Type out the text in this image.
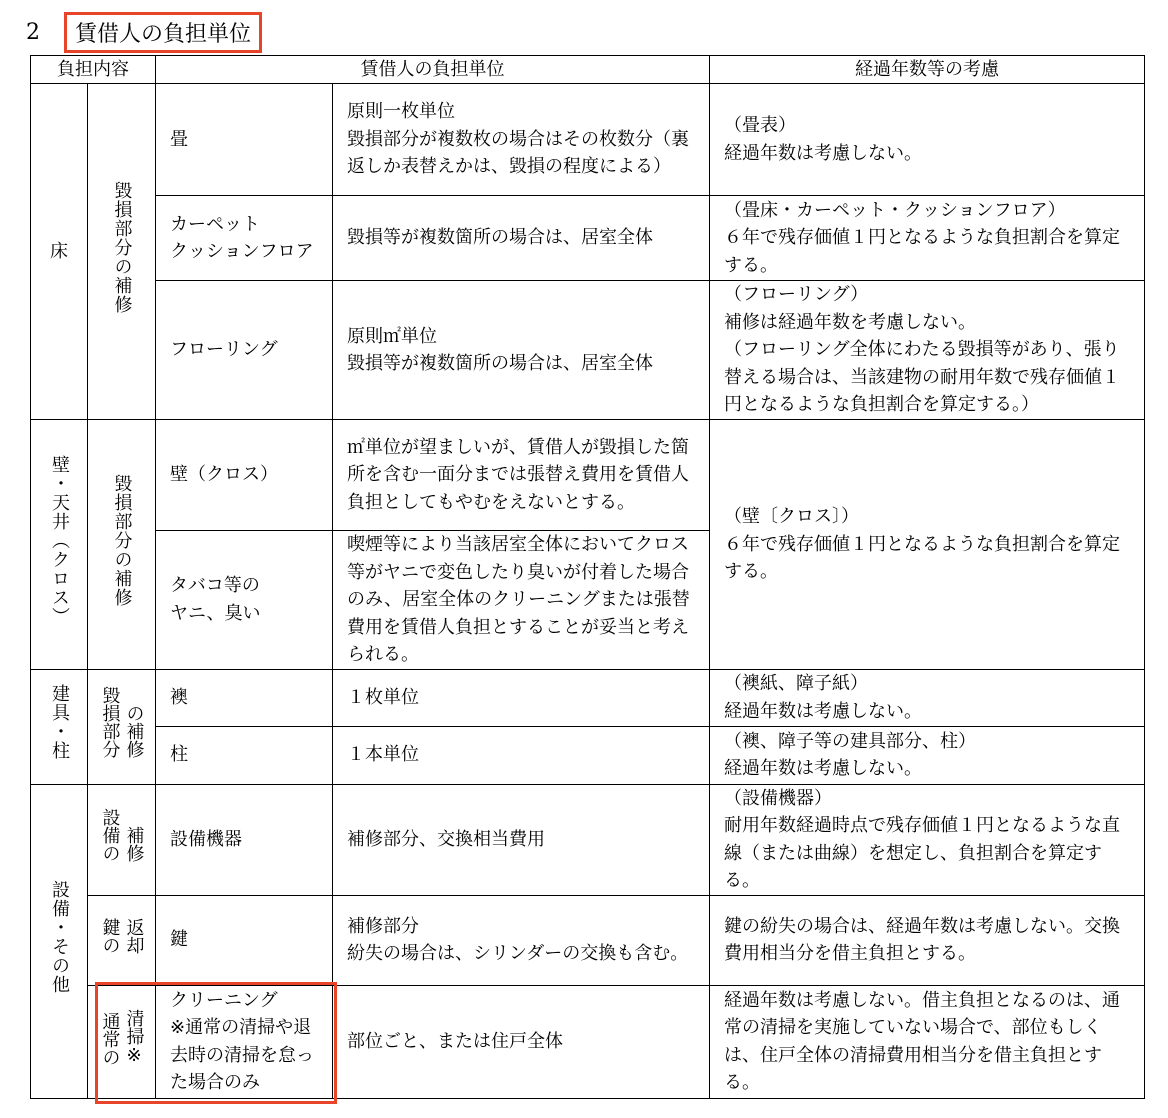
2	賃借人の負担単位
負担内容		賃借人の負担単位		経過年数等の考慮
床	毀損部分の補修	畳	原則一枚単位
毀損部分が複数枚の場合はその枚数分（裏返しか表替えかは、毀損の程度による）	（畳表）
経過年数は考慮しない。
		カーペット
クッションフロア	毀損等が複数箇所の場合は、居室全体	（畳床・カーペット・クッションフロア）
６年で残存価値１円となるような負担割合を算定する。
		フローリング	原則㎡単位
毀損等が複数箇所の場合は、居室全体	（フローリング）
補修は経過年数を考慮しない。
（フローリング全体にわたる毀損等があり、張り替える場合は、当該建物の耐用年数で残存価値１円となるような負担割合を算定する。）
壁・天井（クロス）	毀損部分の補修	壁（クロス）	㎡単位が望ましいが、賃借人が毀損した箇所を含む一面分までは張替え費用を賃借人負担としてもやむをえないとする。	（壁〔クロス〕）
６年で残存価値１円となるような負担割合を算定する。
		タバコ等の
ヤニ、臭い	喫煙等により当該居室全体においてクロス等がヤニで変色したり臭いが付着した場合のみ、居室全体のクリーニングまたは張替費用を賃借人負担とすることが妥当と考えられる。	
建具・柱	毀損部分 の補修	襖	１枚単位	（襖紙、障子紙）
経過年数は考慮しない。
		柱	１本単位	（襖、障子等の建具部分、柱）
経過年数は考慮しない。
設備・その他	設備の 補修	設備機器	補修部分、交換相当費用	（設備機器）
耐用年数経過時点で残存価値１円となるような直線（または曲線）を想定し、負担割合を算定する。
	鍵の 返却	鍵	補修部分
紛失の場合は、シリンダーの交換も含む。	鍵の紛失の場合は、経過年数は考慮しない。交換費用相当分を借主負担とする。
	通常の 清掃※	クリーニング
※通常の清掃や退去時の清掃を怠った場合のみ	部位ごと、または住戸全体	経過年数は考慮しない。借主負担となるのは、通常の清掃を実施していない場合で、部位もしくは、住戸全体の清掃費用相当分を借主負担とする。
